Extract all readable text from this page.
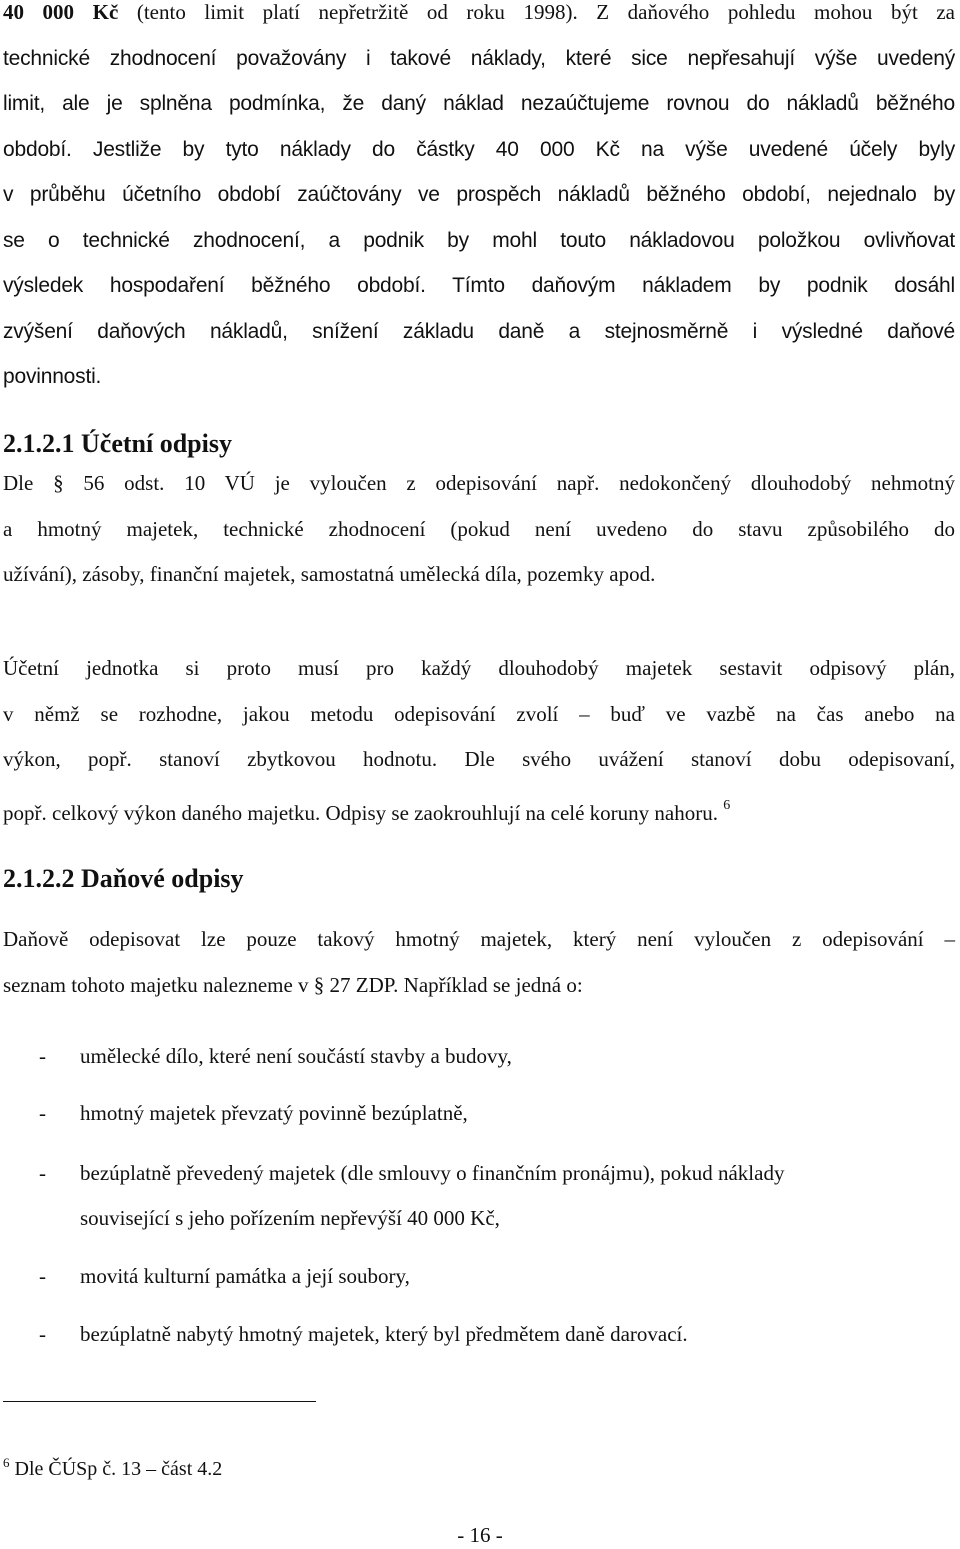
40 000 Kč (tento limit platí nepřetržitě od roku 1998). Z daňového pohledu mohou být za
technické zhodnocení považovány i takové náklady, které sice nepřesahují výše uvedený
limit, ale je splněna podmínka, že daný náklad nezaúčtujeme rovnou do nákladů běžného
období. Jestliže by tyto náklady do částky 40 000 Kč na výše uvedené účely byly
v průběhu účetního období zaúčtovány ve prospěch nákladů běžného období, nejednalo by
se o technické zhodnocení, a podnik by mohl touto nákladovou položkou ovlivňovat
výsledek hospodaření běžného období. Tímto daňovým nákladem by podnik dosáhl
zvýšení daňových nákladů, snížení základu daně a stejnosměrně i výsledné daňové
povinnosti.
2.1.2.1 Účetní odpisy
Dle § 56 odst. 10 VÚ je vyloučen z odepisování např. nedokončený dlouhodobý nehmotný
a hmotný majetek, technické zhodnocení (pokud není uvedeno do stavu způsobilého do
užívání), zásoby, finanční majetek, samostatná umělecká díla, pozemky apod.
Účetní jednotka si proto musí pro každý dlouhodobý majetek sestavit odpisový plán,
v němž se rozhodne, jakou metodu odepisování zvolí – buď ve vazbě na čas anebo na
výkon, popř. stanoví zbytkovou hodnotu. Dle svého uvážení stanoví dobu odepisovaní,
popř. celkový výkon daného majetku. Odpisy se zaokrouhlují na celé koruny nahoru. $^6$
2.1.2.2 Daňové odpisy
Daňově odepisovat lze pouze takový hmotný majetek, který není vyloučen z odepisování –
seznam tohoto majetku nalezneme v § 27 ZDP. Například se jedná o:
- umělecké dílo, které není součástí stavby a budovy,
- hmotný majetek převzatý povinně bezúplatně,
- bezúplatně převedený majetek (dle smlouvy o finančním pronájmu), pokud náklady
související s jeho pořízením nepřevýší 40 000 Kč,
- movitá kulturní památka a její soubory,
- bezúplatně nabytý hmotný majetek, který byl předmětem daně darovací.
$^6$ Dle ČÚSp č. 13 – část 4.2
- 16 -
